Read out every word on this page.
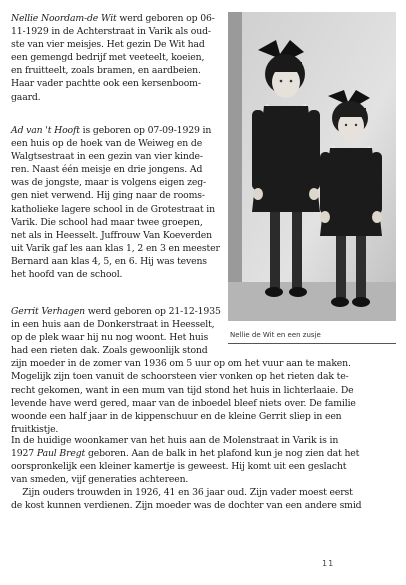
Nellie Noordam-de Wit werd geboren op 06-
11-1929 in de Achterstraat in Varik als oud-
ste van vier meisjes. Het gezin De Wit had
een gemengd bedrijf met veeteelt, koeien,
en fruitteelt, zoals bramen, en aardbeien.
Haar vader pachtte ook een kersenboom-
gaard.
Ad van 't Hooft is geboren op 07-09-1929 in
een huis op de hoek van de Weiweg en de
Walgtsestraat in een gezin van vier kinde-
ren. Naast één meisje en drie jongens. Ad
was de jongste, maar is volgens eigen zeg-
gen niet verwend. Hij ging naar de rooms-
katholieke lagere school in de Grotestraat in
Varik. Die school had maar twee groepen,
net als in Heesselt. Juffrouw Van Koeverden
uit Varik gaf les aan klas 1, 2 en 3 en meester
Bernard aan klas 4, 5, en 6. Hij was tevens
het hoofd van de school.
Gerrit Verhagen werd geboren op 21-12-1935
in een huis aan de Donkerstraat in Heesselt,
op de plek waar hij nu nog woont. Het huis
had een rieten dak. Zoals gewoonlijk stond
zijn moeder in de zomer van 1936 om 5 uur op om het vuur aan te maken.
Mogelijk zijn toen vanuit de schoorsteen vier vonken op het rieten dak te-
recht gekomen, want in een mum van tijd stond het huis in lichterlaaie. De
levende have werd gered, maar van de inboedel bleef niets over. De familie
woonde een half jaar in de kippenschuur en de kleine Gerrit sliep in een
fruitkistje.
In de huidige woonkamer van het huis aan de Molenstraat in Varik is in
1927 Paul Bregt geboren. Aan de balk in het plafond kun je nog zien dat het
oorspronkelijk een kleiner kamertje is geweest. Hij komt uit een geslacht
van smeden, vijf generaties achtereen.
Zijn ouders trouwden in 1926, 41 en 36 jaar oud. Zijn vader moest eerst
de kost kunnen verdienen. Zijn moeder was de dochter van een andere smid
Nellie de Wit en een zusje
11
